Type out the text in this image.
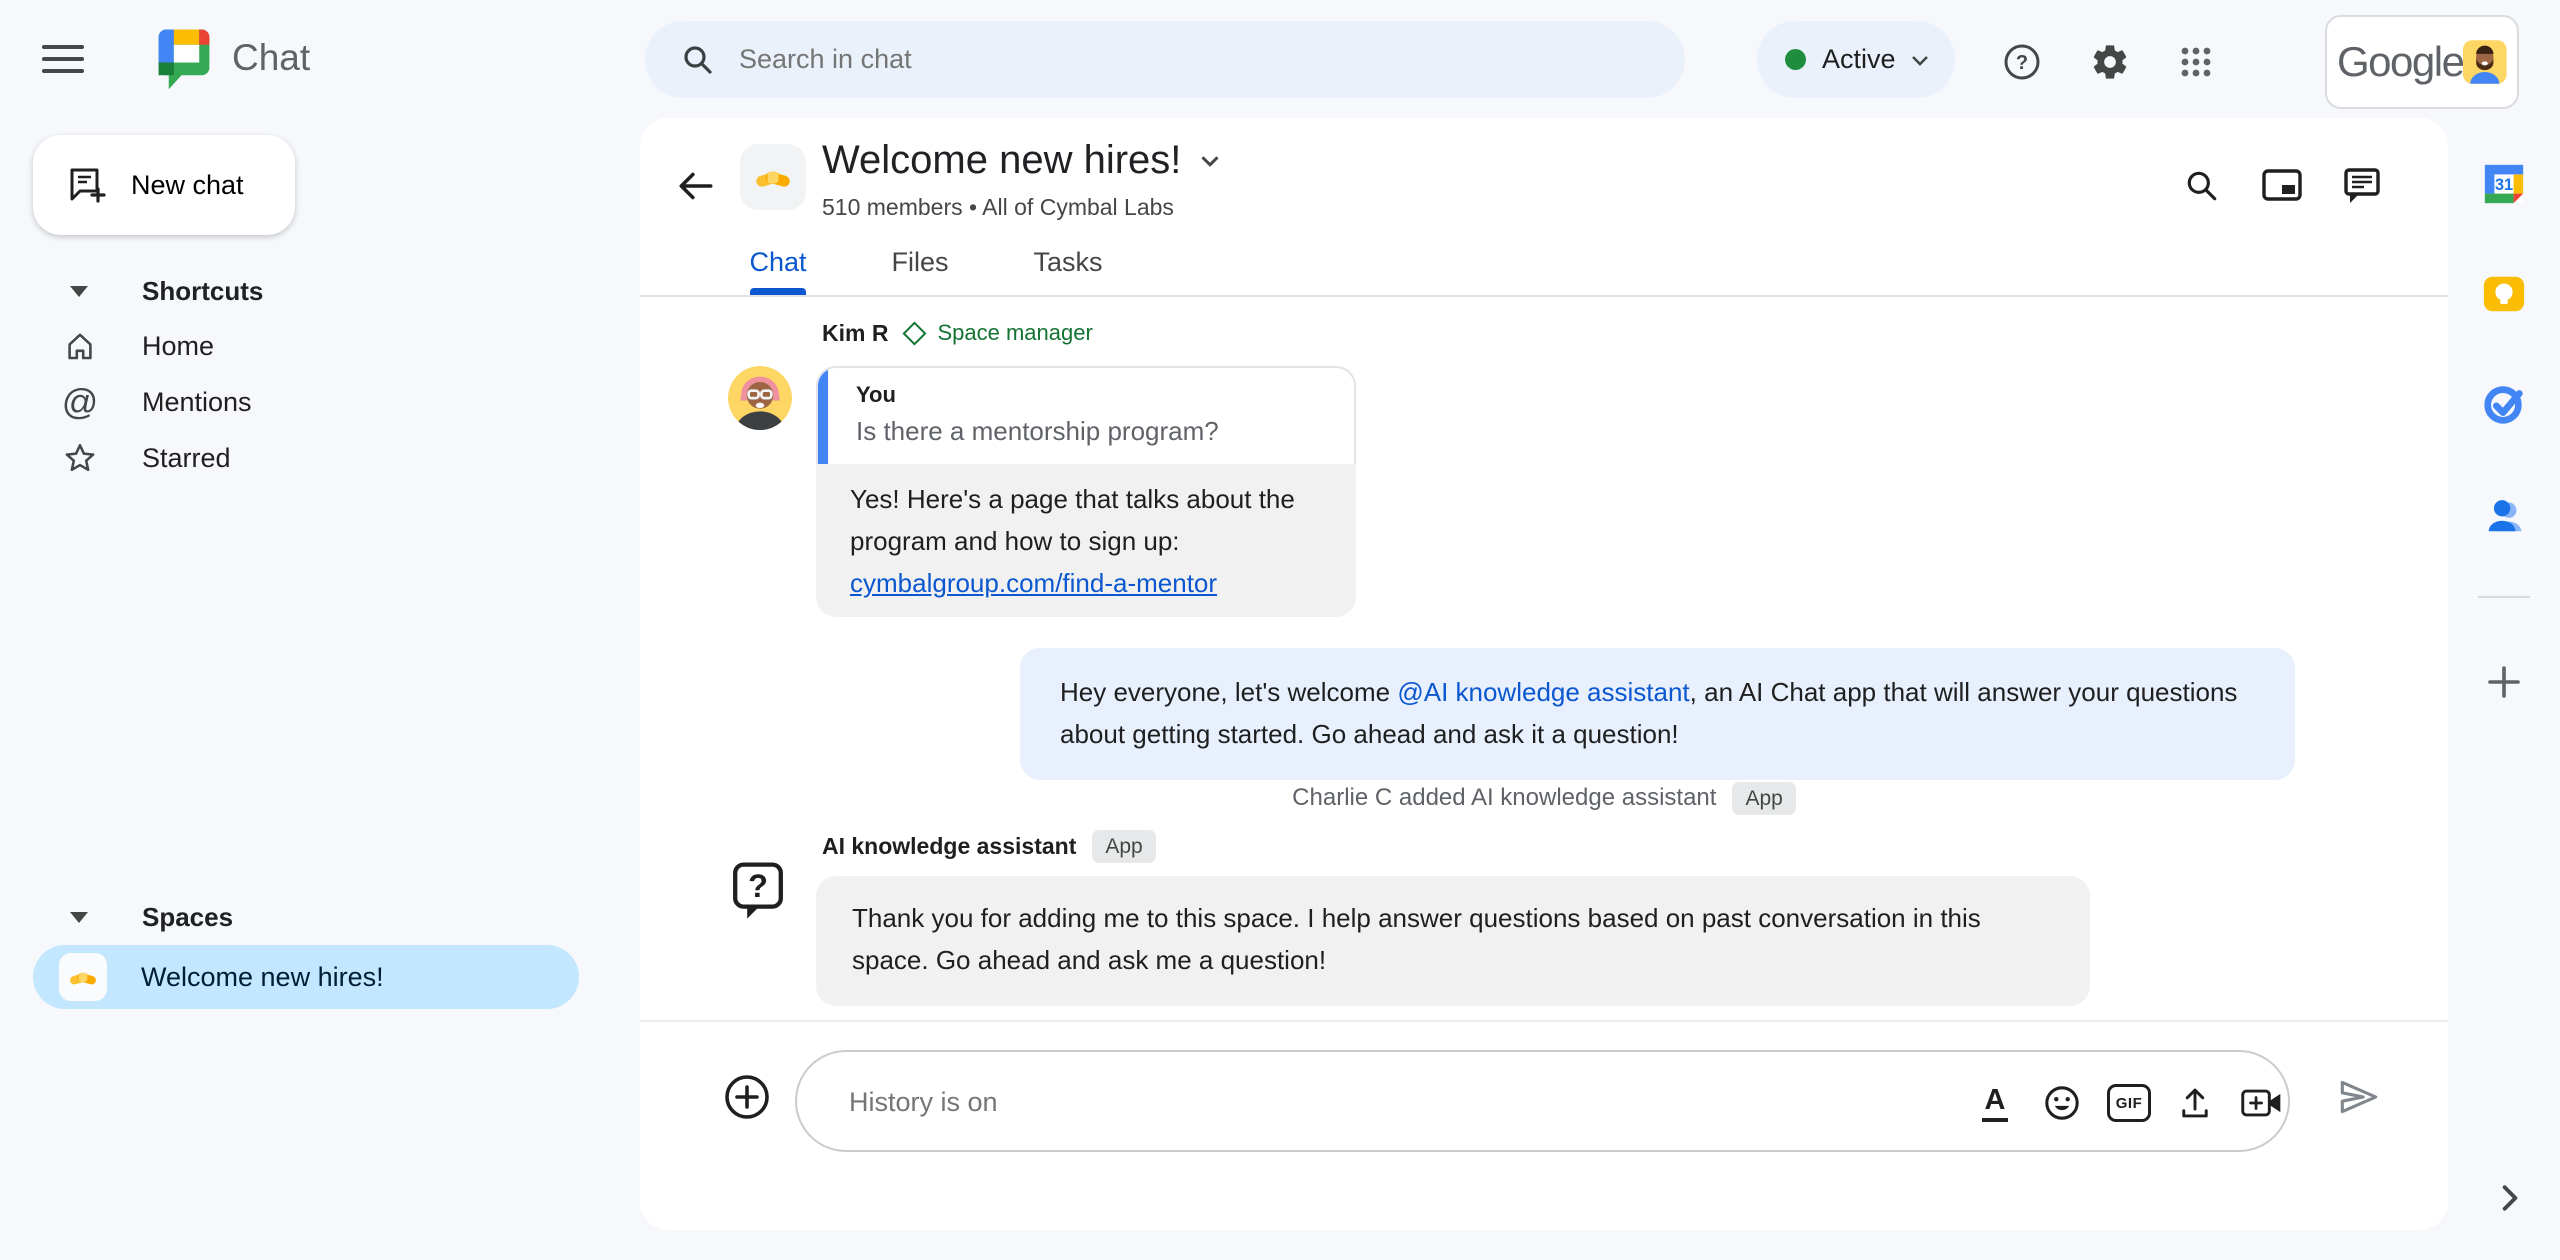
Chat
Search in chat	Active	?	Google
New chat
Shortcuts
Home
@ Mentions
Starred
Spaces
Welcome new hires!
Welcome new hires!
510 members • All of Cymbal Labs
Chat	Files	Tasks
Kim R Space manager
You
Is there a mentorship program?
Yes! Here's a page that talks about the program and how to sign up: cymbalgroup.com/find-a-mentor
Hey everyone, let's welcome @AI knowledge assistant, an AI Chat app that will answer your questions about getting started. Go ahead and ask it a question!
Charlie C added AI knowledge assistant	App
AI knowledge assistant	App
?
Thank you for adding me to this space. I help answer questions based on past conversation in this space. Go ahead and ask me a question!
History is on
A	GIF
31
